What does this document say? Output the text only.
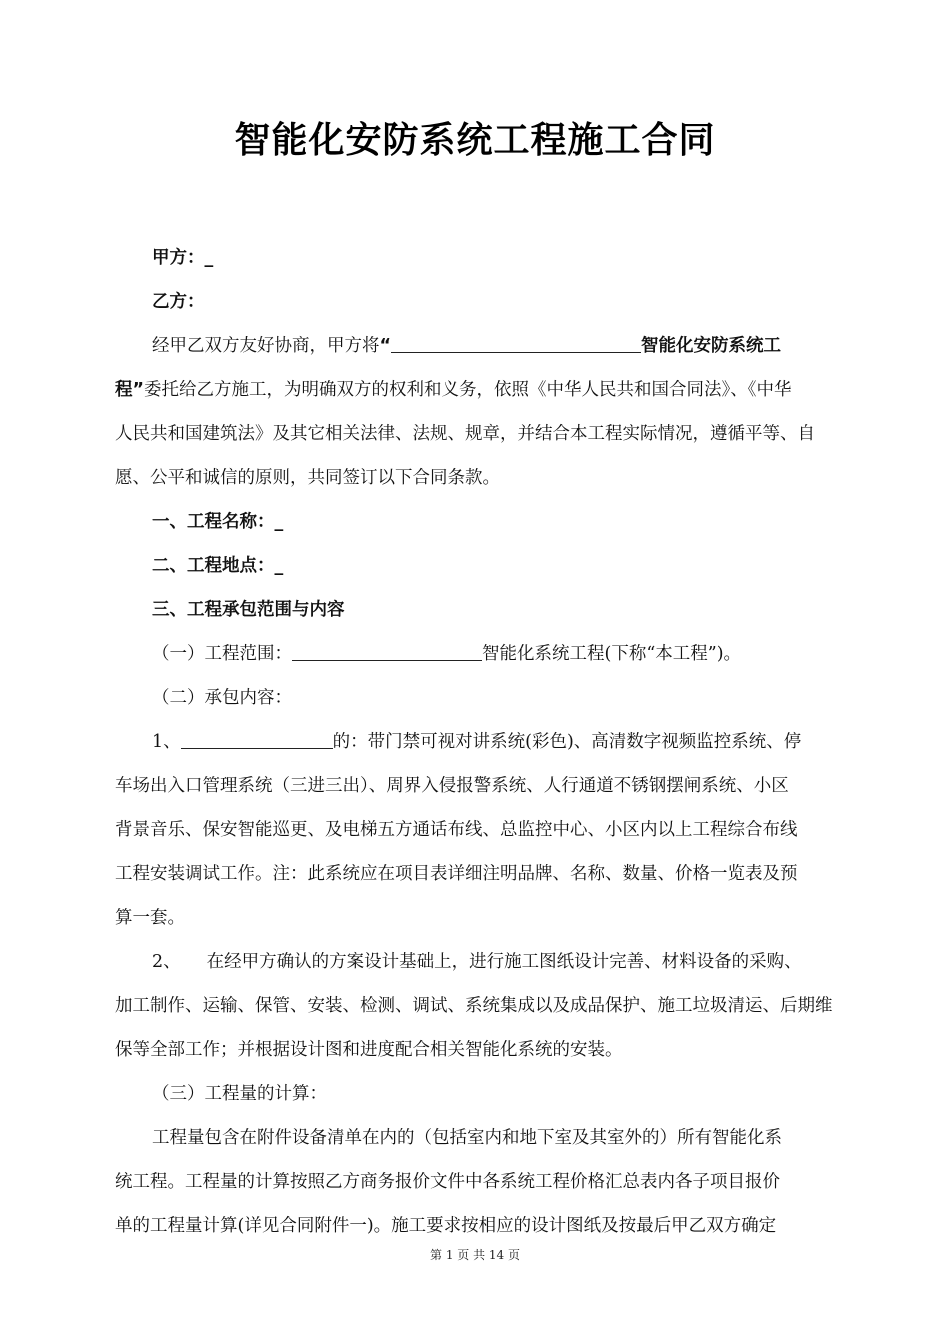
智能化安防系统工程施工合同
甲方：_
乙方：
经甲乙双方友好协商，甲方将“	智能化安防系统工
程”委托给乙方施工，为明确双方的权利和义务，依照《中华人民共和国合同法》、《中华
人民共和国建筑法》及其它相关法律、法规、规章，并结合本工程实际情况，遵循平等、自
愿、公平和诚信的原则，共同签订以下合同条款。
一、工程名称：_
二、工程地点：_
三、工程承包范围与内容
（一）工程范围：	智能化系统工程(下称“本工程”)。
（二）承包内容：
1、	的：带门禁可视对讲系统(彩色)、高清数字视频监控系统、停
车场出入口管理系统（三进三出）、周界入侵报警系统、人行通道不锈钢摆闸系统、小区
背景音乐、保安智能巡更、及电梯五方通话布线、总监控中心、小区内以上工程综合布线
工程安装调试工作。注：此系统应在项目表详细注明品牌、名称、数量、价格一览表及预
算一套。
2、 在经甲方确认的方案设计基础上，进行施工图纸设计完善、材料设备的采购、
加工制作、运输、保管、安装、检测、调试、系统集成以及成品保护、施工垃圾清运、后期维
保等全部工作；并根据设计图和进度配合相关智能化系统的安装。
（三）工程量的计算：
工程量包含在附件设备清单在内的（包括室内和地下室及其室外的）所有智能化系
统工程。工程量的计算按照乙方商务报价文件中各系统工程价格汇总表内各子项目报价
单的工程量计算(详见合同附件一)。施工要求按相应的设计图纸及按最后甲乙双方确定
第 1 页 共 14 页
